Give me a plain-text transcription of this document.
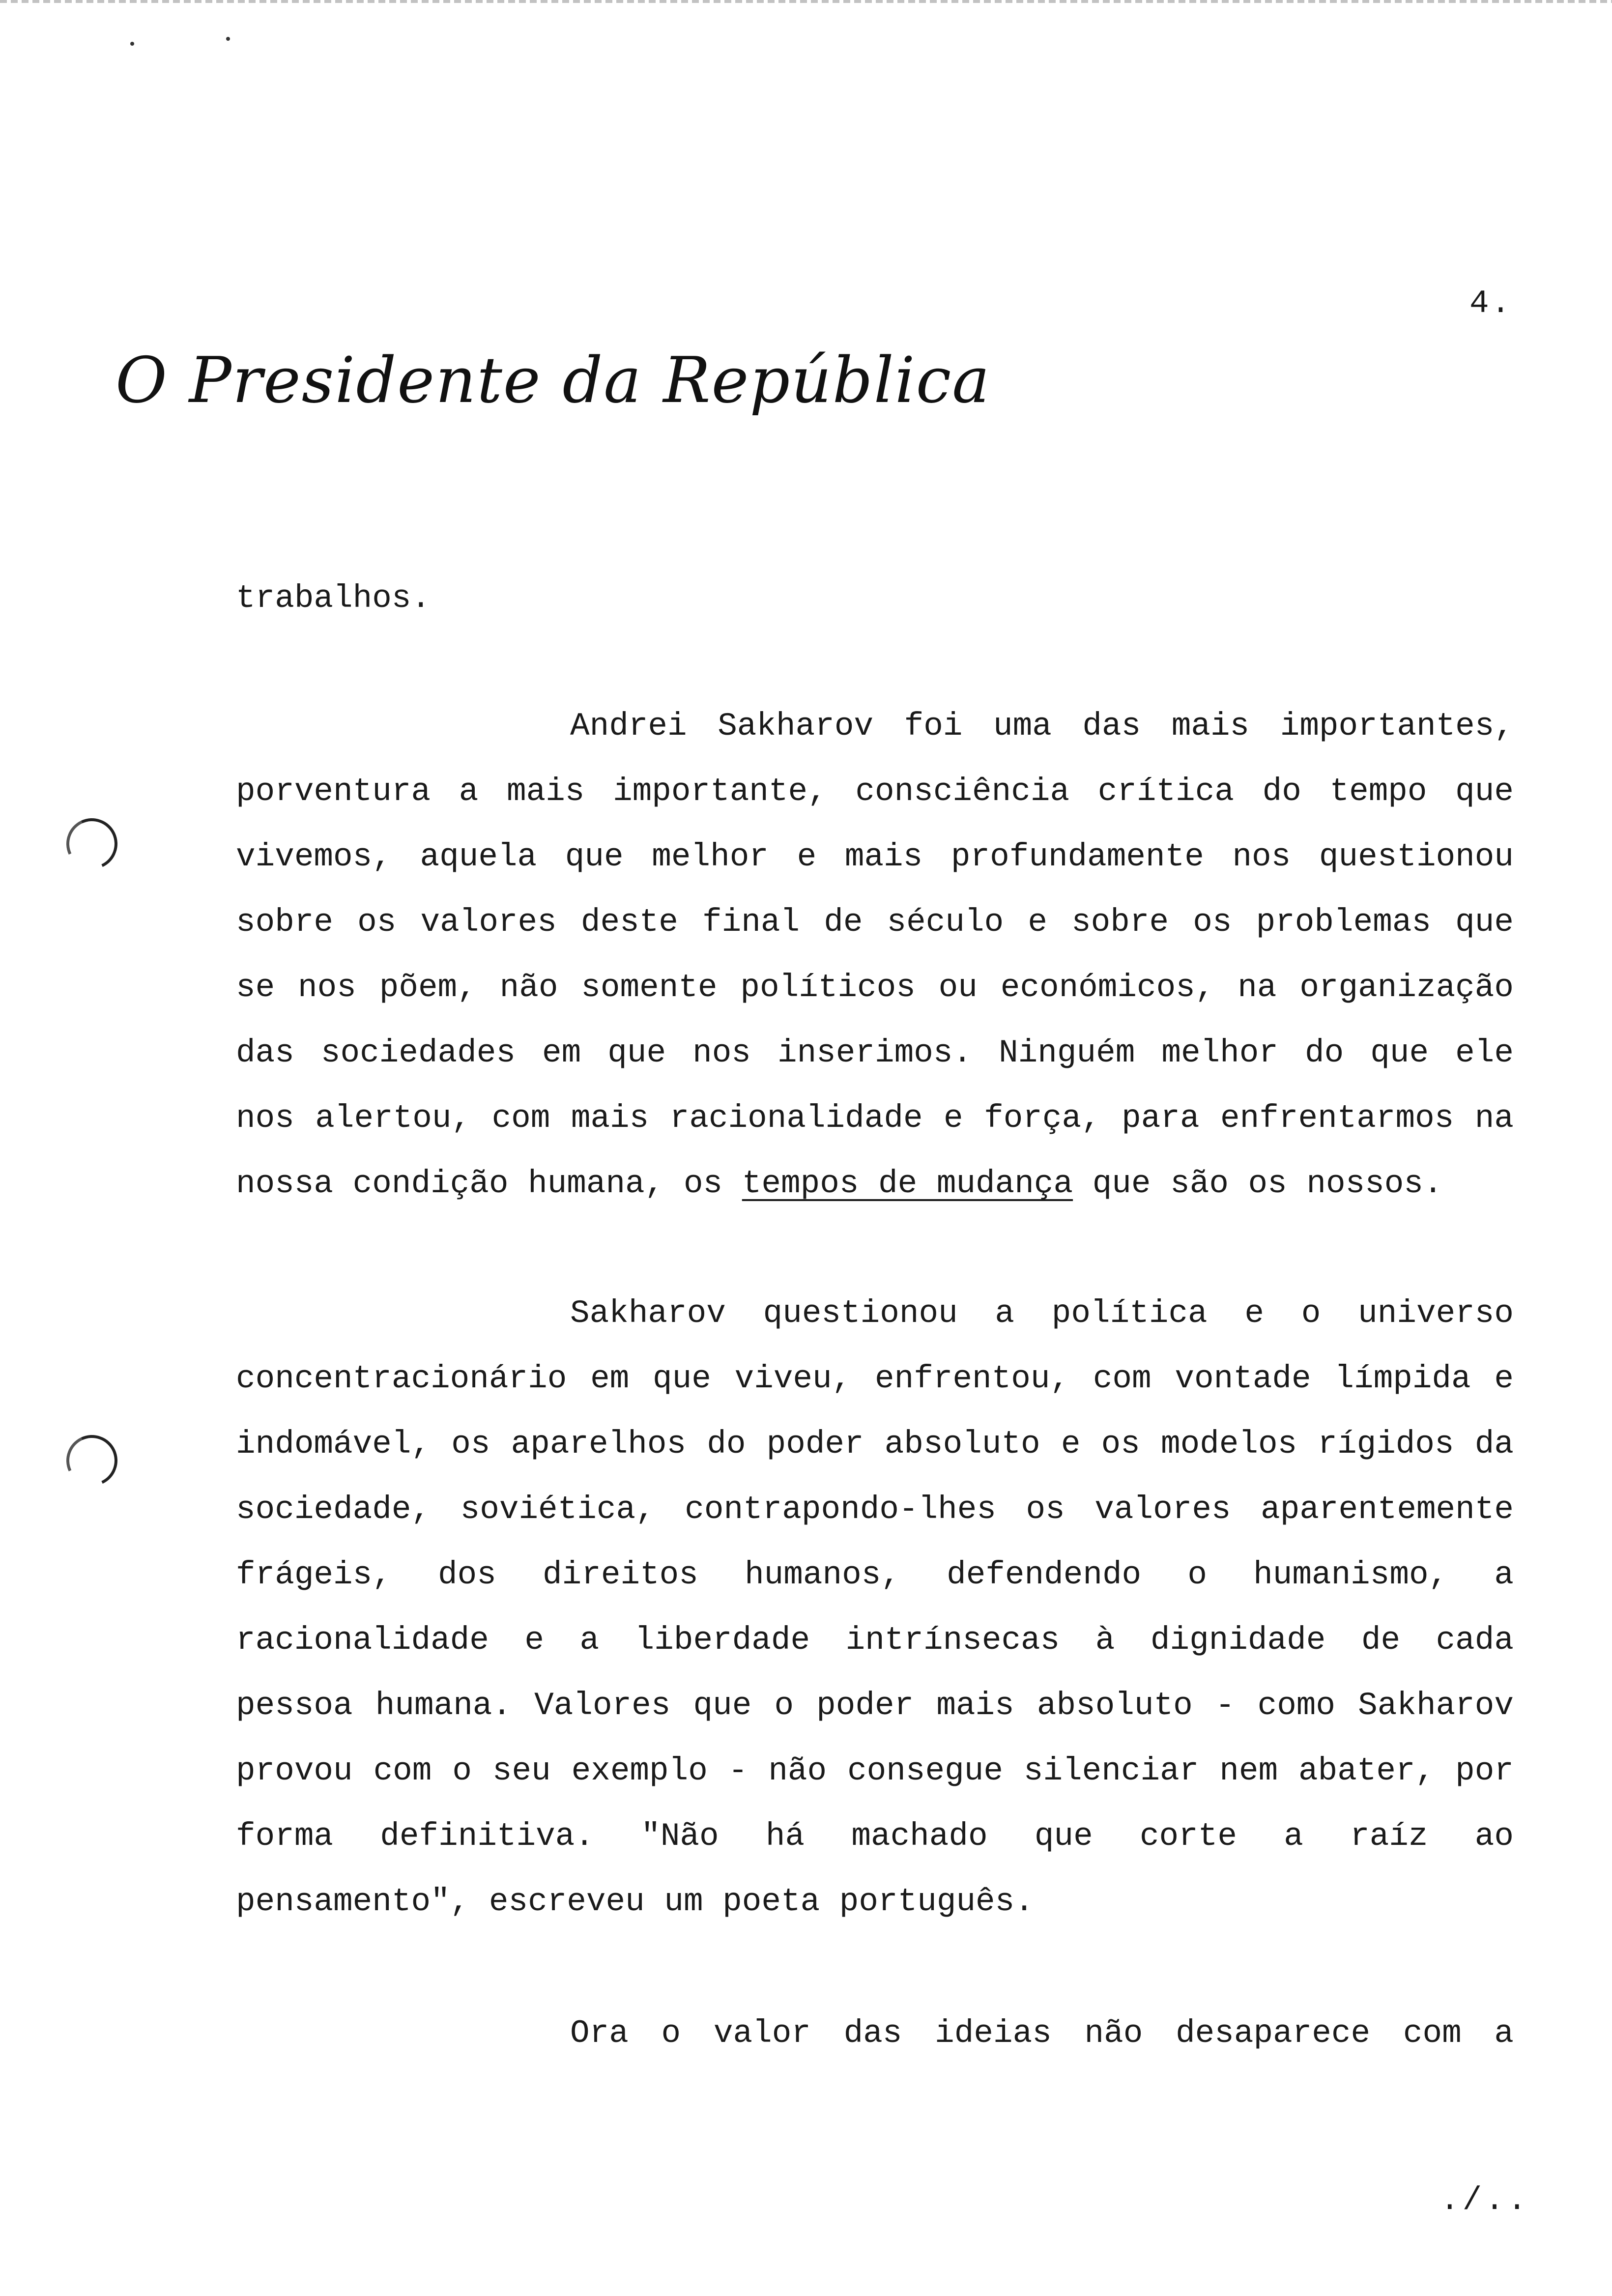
4.
O Presidente da República
trabalhos.
Andrei Sakharov foi uma das mais importantes,
porventura a mais importante, consciência crítica do tempo que
vivemos, aquela que melhor e mais profundamente nos questionou
sobre os valores deste final de século e sobre os problemas que
se nos põem, não somente políticos ou económicos, na organização
das sociedades em que nos inserimos. Ninguém melhor do que ele
nos alertou, com mais racionalidade e força, para enfrentarmos na
nossa condição humana, os tempos de mudança que são os nossos.
Sakharov questionou a política e o universo
concentracionário em que viveu, enfrentou, com vontade límpida e
indomável, os aparelhos do poder absoluto e os modelos rígidos da
sociedade, soviética, contrapondo-lhes os valores aparentemente
frágeis, dos direitos humanos, defendendo o humanismo, a
racionalidade e a liberdade intrínsecas à dignidade de cada
pessoa humana. Valores que o poder mais absoluto - como Sakharov
provou com o seu exemplo - não consegue silenciar nem abater, por
forma definitiva. "Não há machado que corte a raíz ao
pensamento", escreveu um poeta português.
Ora o valor das ideias não desaparece com a
./..
